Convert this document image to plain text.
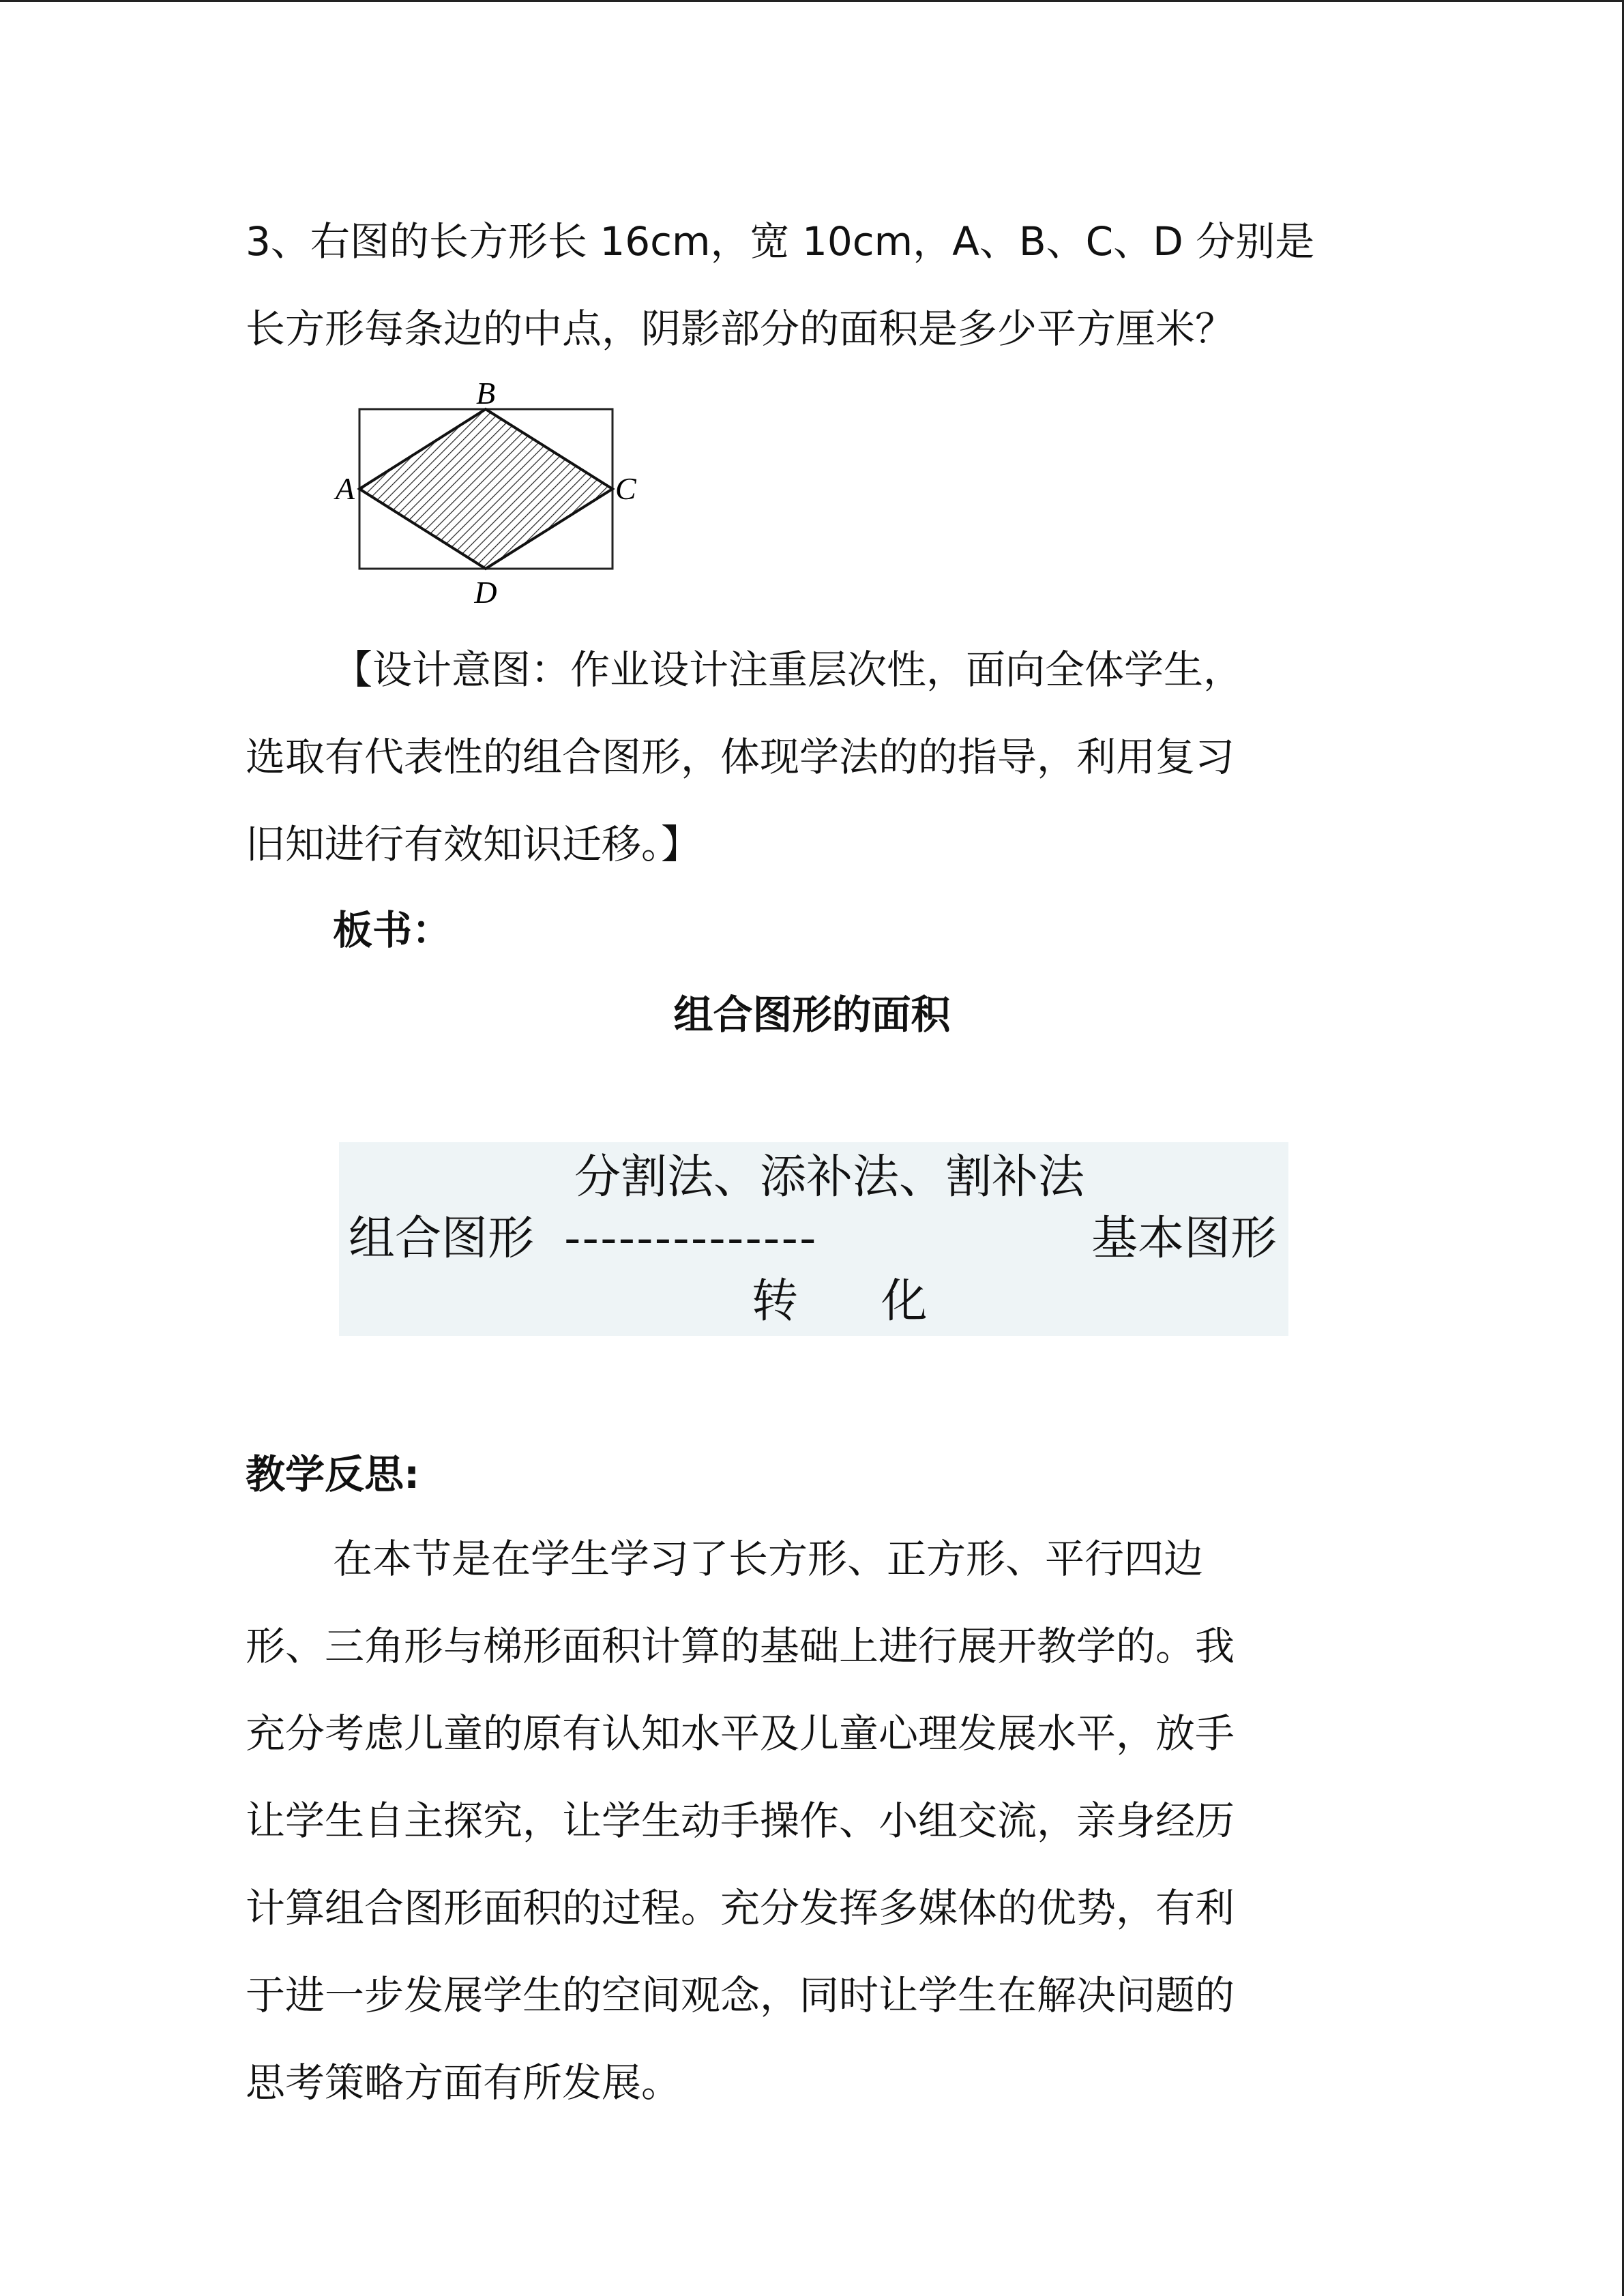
3、右图的长方形长 16cm，宽 10cm，A、B、C、D 分别是

长方形每条边的中点，阴影部分的面积是多少平方厘米？

B
A	C
D

【设计意图：作业设计注重层次性，面向全体学生，

选取有代表性的组合图形，体现学法的的指导，利用复习

旧知进行有效知识迁移。】

板书：
组合图形的面积
分割法、添补法、割补法
组合图形 --------------	基本图形
转 化
教学反思:

在本节是在学生学习了长方形、正方形、平行四边

形、三角形与梯形面积计算的基础上进行展开教学的。我

充分考虑儿童的原有认知水平及儿童心理发展水平，放手

让学生自主探究，让学生动手操作、小组交流，亲身经历

计算组合图形面积的过程。充分发挥多媒体的优势，有利

于进一步发展学生的空间观念，同时让学生在解决问题的

思考策略方面有所发展。
